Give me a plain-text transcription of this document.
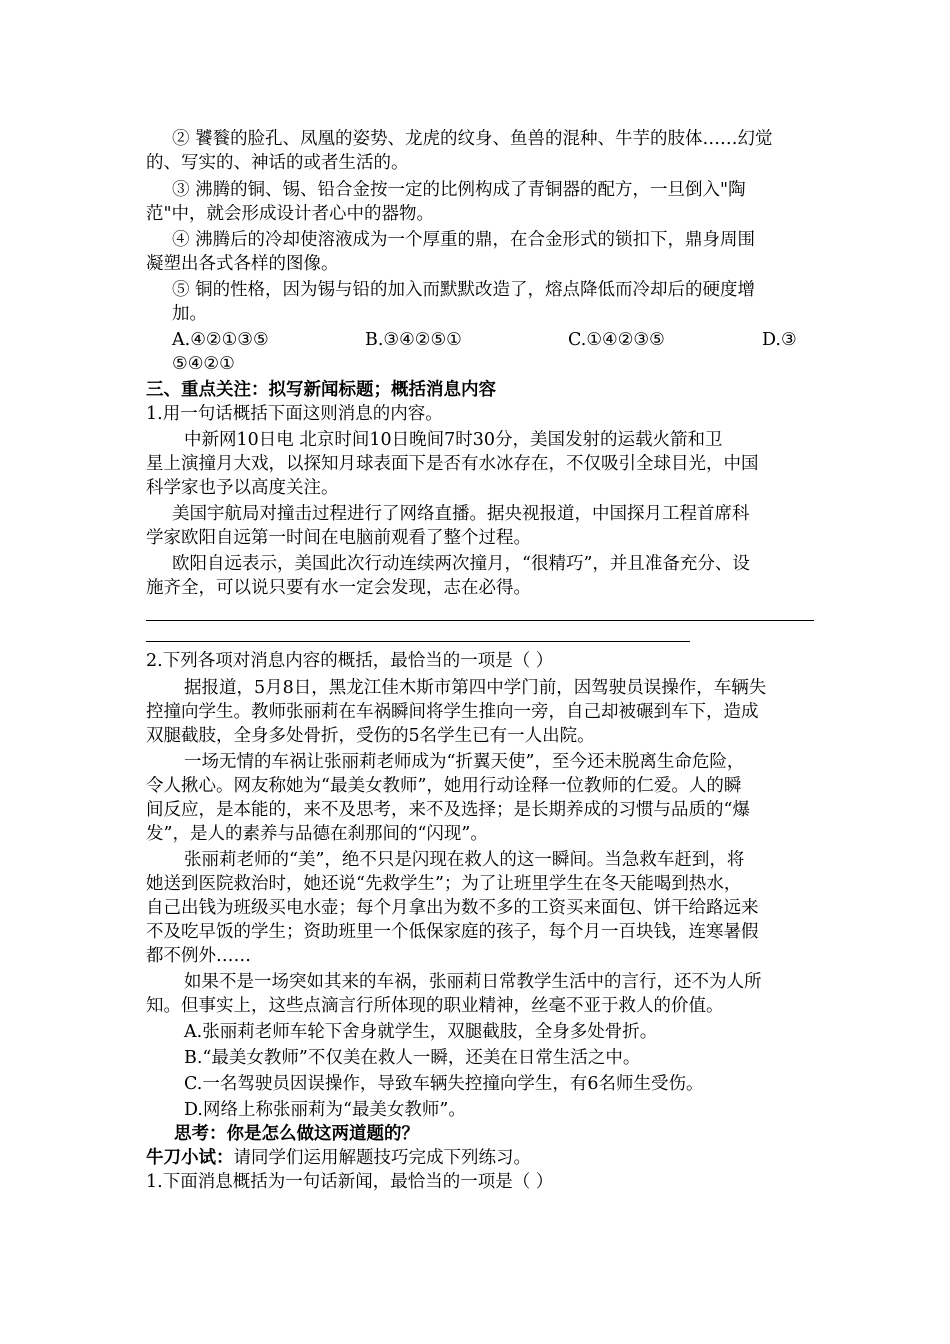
② 饕餮的脸孔、凤凰的姿势、龙虎的纹身、鱼兽的混种、牛芋的肢体……幻觉
的、写实的、神话的或者生活的。
③ 沸腾的铜、锡、铅合金按一定的比例构成了青铜器的配方，一旦倒入"陶
范"中，就会形成设计者心中的器物。
④ 沸腾后的冷却使溶液成为一个厚重的鼎，在合金形式的锁扣下，鼎身周围
凝塑出各式各样的图像。
⑤ 铜的性格，因为锡与铅的加入而默默改造了，熔点降低而冷却后的硬度增
加。
A.④②①③⑤	B.③④②⑤①	C.①④②③⑤	D.③
⑤④②①
三、重点关注：拟写新闻标题；概括消息内容
1.用一句话概括下面这则消息的内容。
中新网10日电 北京时间10日晚间7时30分，美国发射的运载火箭和卫
星上演撞月大戏，以探知月球表面下是否有水冰存在，不仅吸引全球目光，中国
科学家也予以高度关注。
美国宇航局对撞击过程进行了网络直播。据央视报道，中国探月工程首席科
学家欧阳自远第一时间在电脑前观看了整个过程。
欧阳自远表示，美国此次行动连续两次撞月，“很精巧”，并且准备充分、设
施齐全，可以说只要有水一定会发现，志在必得。
2.下列各项对消息内容的概括，最恰当的一项是（ ）
据报道，5月8日，黑龙江佳木斯市第四中学门前，因驾驶员误操作，车辆失
控撞向学生。教师张丽莉在车祸瞬间将学生推向一旁，自己却被碾到车下，造成
双腿截肢，全身多处骨折，受伤的5名学生已有一人出院。
一场无情的车祸让张丽莉老师成为“折翼天使”，至今还未脱离生命危险，
令人揪心。网友称她为“最美女教师”，她用行动诠释一位教师的仁爱。人的瞬
间反应，是本能的，来不及思考，来不及选择；是长期养成的习惯与品质的“爆
发”，是人的素养与品德在刹那间的“闪现”。
张丽莉老师的“美”，绝不只是闪现在救人的这一瞬间。当急救车赶到，将
她送到医院救治时，她还说“先救学生”；为了让班里学生在冬天能喝到热水，
自己出钱为班级买电水壶；每个月拿出为数不多的工资买来面包、饼干给路远来
不及吃早饭的学生；资助班里一个低保家庭的孩子，每个月一百块钱，连寒暑假
都不例外……
如果不是一场突如其来的车祸，张丽莉日常教学生活中的言行，还不为人所
知。但事实上，这些点滴言行所体现的职业精神，丝毫不亚于救人的价值。
A.张丽莉老师车轮下舍身就学生，双腿截肢，全身多处骨折。
B.“最美女教师”不仅美在救人一瞬，还美在日常生活之中。
C.一名驾驶员因误操作，导致车辆失控撞向学生，有6名师生受伤。
D.网络上称张丽莉为“最美女教师”。
思考：你是怎么做这两道题的？
牛刀小试：请同学们运用解题技巧完成下列练习。
1.下面消息概括为一句话新闻，最恰当的一项是（ ）
